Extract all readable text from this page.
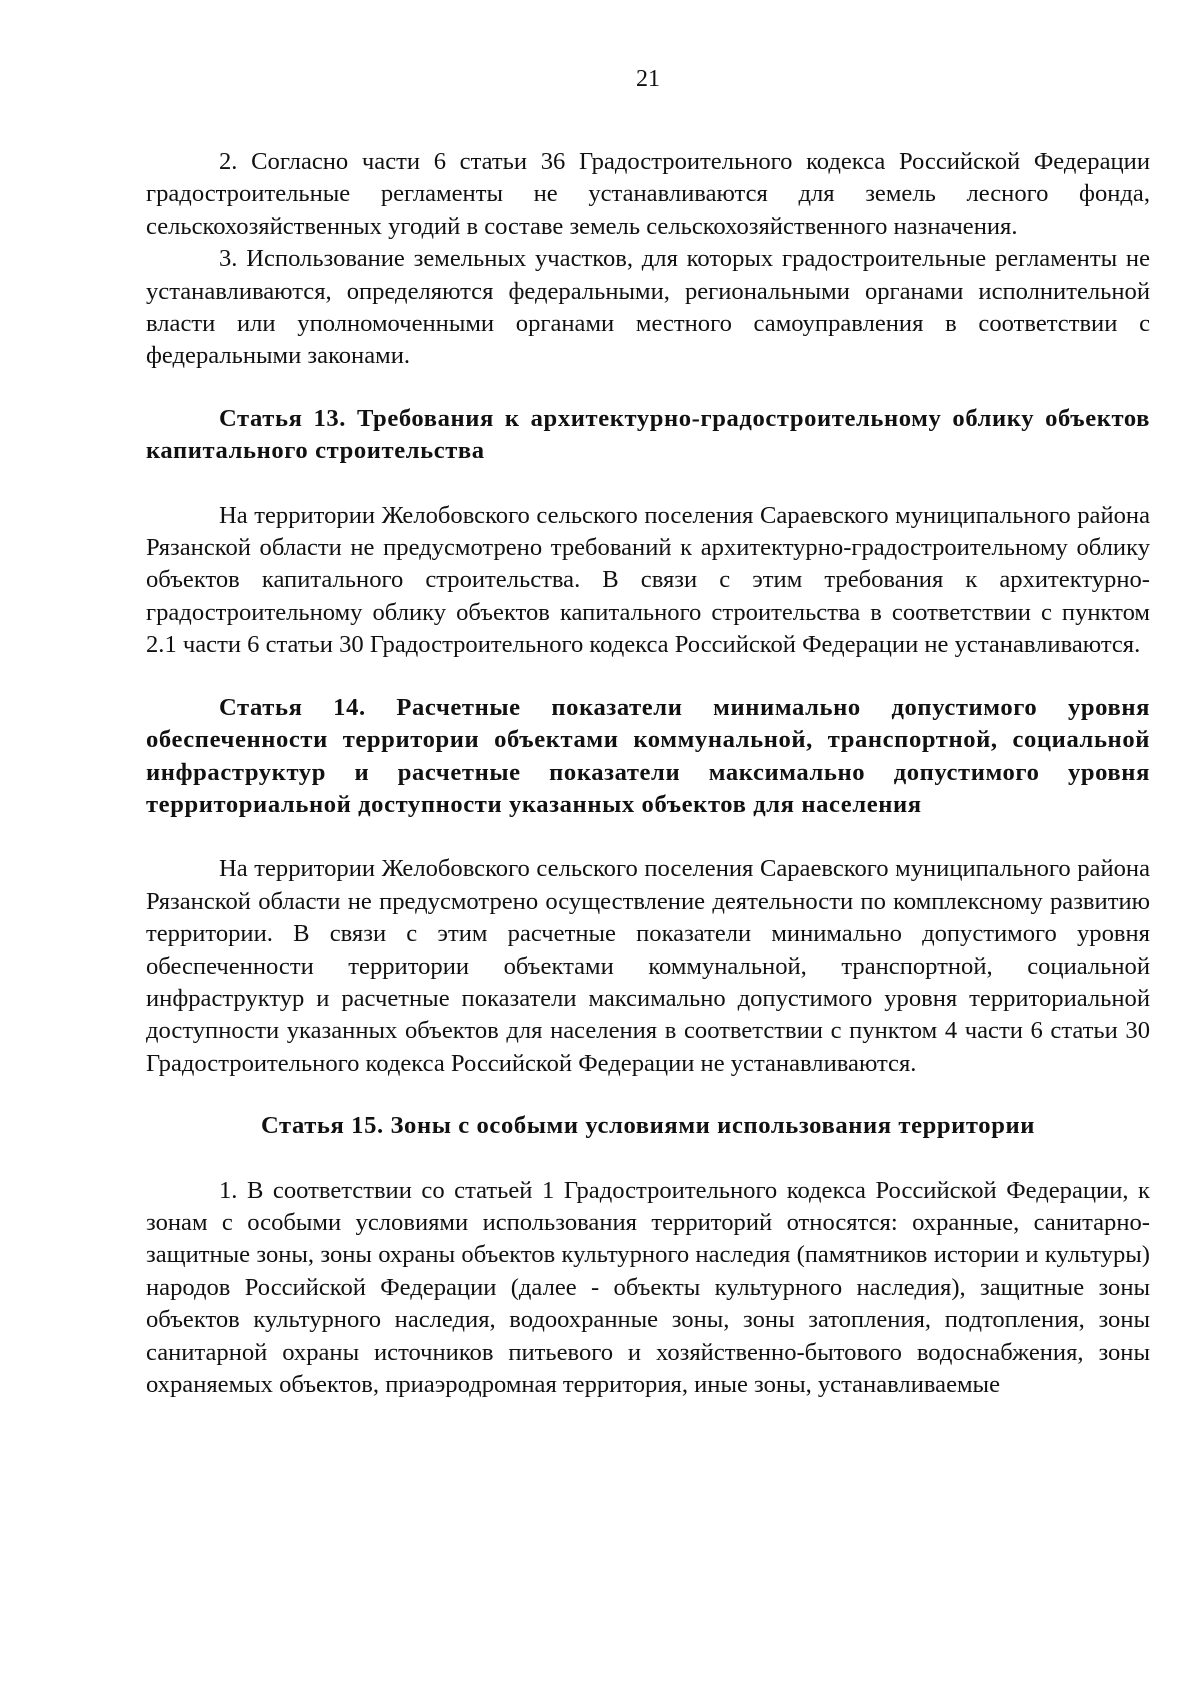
21

2. Согласно части 6 статьи 36 Градостроительного кодекса Российской Федерации градостроительные регламенты не устанавливаются для земель лесного фонда, сельскохозяйственных угодий в составе земель сельскохозяйственного назначения.

3. Использование земельных участков, для которых градостроительные регламенты не устанавливаются, определяются федеральными, региональными органами исполнительной власти или уполномоченными органами местного самоуправления в соответствии с федеральными законами.

Статья 13. Требования к архитектурно-градостроительному облику объектов капитального строительства

На территории Желобовского сельского поселения Сараевского муниципального района Рязанской области не предусмотрено требований к архитектурно-градостроительному облику объектов капитального строительства. В связи с этим требования к архитектурно-градостроительному облику объектов капитального строительства в соответствии с пунктом 2.1 части 6 статьи 30 Градостроительного кодекса Российской Федерации не устанавливаются.

Статья 14. Расчетные показатели минимально допустимого уровня обеспеченности территории объектами коммунальной, транспортной, социальной инфраструктур и расчетные показатели максимально допустимого уровня территориальной доступности указанных объектов для населения

На территории Желобовского сельского поселения Сараевского муниципального района Рязанской области не предусмотрено осуществление деятельности по комплексному развитию территории. В связи с этим расчетные показатели минимально допустимого уровня обеспеченности территории объектами коммунальной, транспортной, социальной инфраструктур и расчетные показатели максимально допустимого уровня территориальной доступности указанных объектов для населения в соответствии с пунктом 4 части 6 статьи 30 Градостроительного кодекса Российской Федерации не устанавливаются.

Статья 15. Зоны с особыми условиями использования территории

1. В соответствии со статьей 1 Градостроительного кодекса Российской Федерации, к зонам с особыми условиями использования территорий относятся: охранные, санитарно-защитные зоны, зоны охраны объектов культурного наследия (памятников истории и культуры) народов Российской Федерации (далее - объекты культурного наследия), защитные зоны объектов культурного наследия, водоохранные зоны, зоны затопления, подтопления, зоны санитарной охраны источников питьевого и хозяйственно-бытового водоснабжения, зоны охраняемых объектов, приаэродромная территория, иные зоны, устанавливаемые
